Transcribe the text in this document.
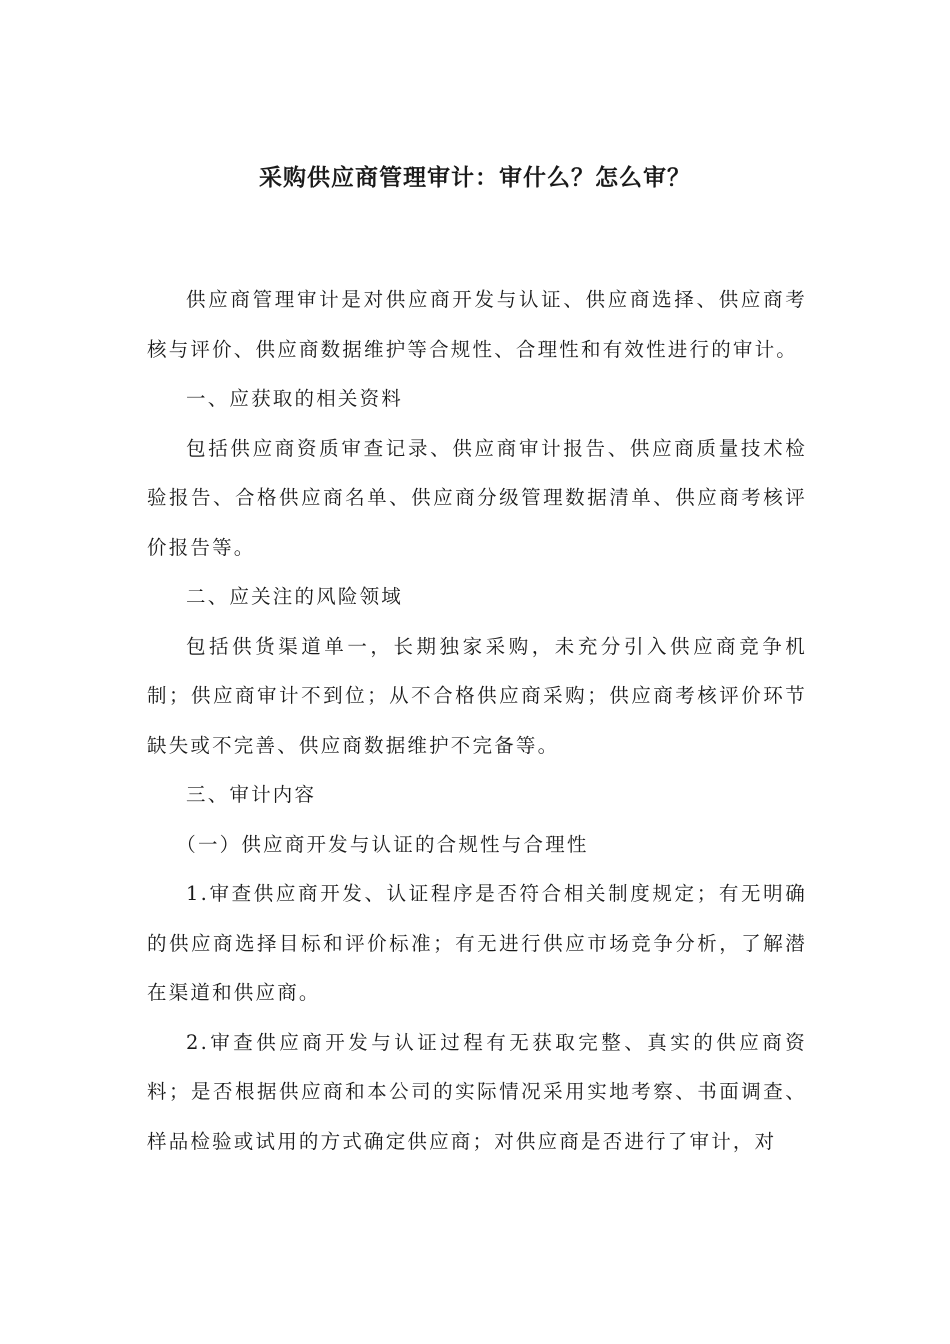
采购供应商管理审计：审什么？怎么审？

供应商管理审计是对供应商开发与认证、供应商选择、供应商考核与评价、供应商数据维护等合规性、合理性和有效性进行的审计。

一、应获取的相关资料

包括供应商资质审查记录、供应商审计报告、供应商质量技术检验报告、合格供应商名单、供应商分级管理数据清单、供应商考核评价报告等。

二、应关注的风险领域

包括供货渠道单一，长期独家采购，未充分引入供应商竞争机制；供应商审计不到位；从不合格供应商采购；供应商考核评价环节缺失或不完善、供应商数据维护不完备等。

三、审计内容

（一）供应商开发与认证的合规性与合理性

1.审查供应商开发、认证程序是否符合相关制度规定；有无明确的供应商选择目标和评价标准；有无进行供应市场竞争分析，了解潜在渠道和供应商。

2.审查供应商开发与认证过程有无获取完整、真实的供应商资料；是否根据供应商和本公司的实际情况采用实地考察、书面调查、样品检验或试用的方式确定供应商；对供应商是否进行了审计，对
